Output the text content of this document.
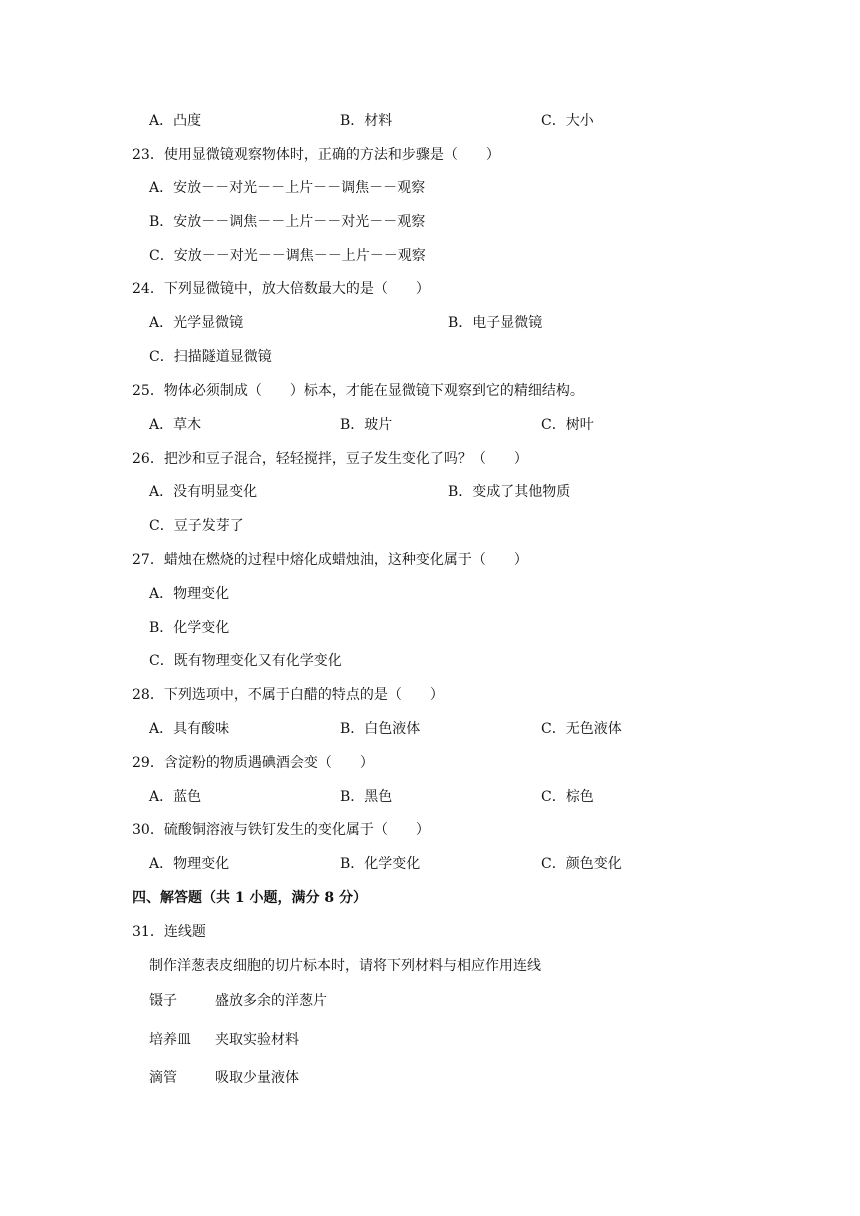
A．凸度	B．材料	C．大小
23．使用显微镜观察物体时，正确的方法和步骤是（　　）
A．安放－－对光－－上片－－调焦－－观察
B．安放－－调焦－－上片－－对光－－观察
C．安放－－对光－－调焦－－上片－－观察
24．下列显微镜中，放大倍数最大的是（　　）
A．光学显微镜	B．电子显微镜
C．扫描隧道显微镜
25．物体必须制成（　　）标本，才能在显微镜下观察到它的精细结构。
A．草木	B．玻片	C．树叶
26．把沙和豆子混合，轻轻搅拌，豆子发生变化了吗？（　　）
A．没有明显变化	B．变成了其他物质
C．豆子发芽了
27．蜡烛在燃烧的过程中熔化成蜡烛油，这种变化属于（　　）
A．物理变化
B．化学变化
C．既有物理变化又有化学变化
28．下列选项中，不属于白醋的特点的是（　　）
A．具有酸味	B．白色液体	C．无色液体
29．含淀粉的物质遇碘酒会变（　　）
A．蓝色	B．黑色	C．棕色
30．硫酸铜溶液与铁钉发生的变化属于（　　）
A．物理变化	B．化学变化	C．颜色变化
四、解答题（共 1 小题，满分 8 分）
31．连线题
制作洋葱表皮细胞的切片标本时，请将下列材料与相应作用连线
镊子	盛放多余的洋葱片
培养皿 夹取实验材料
滴管	吸取少量液体
